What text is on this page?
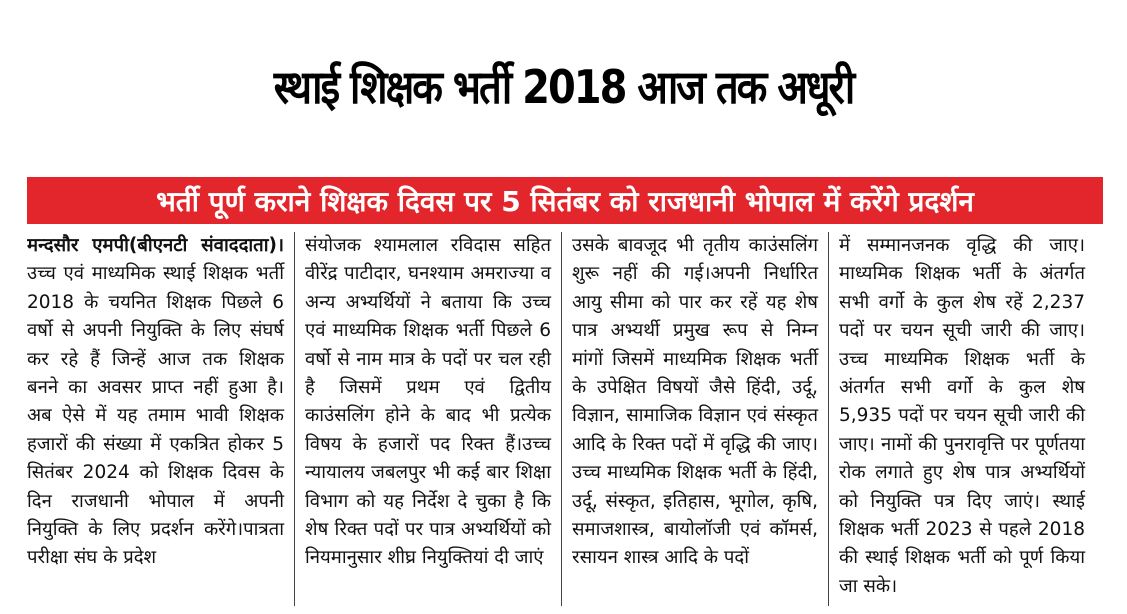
स्थाई शिक्षक भर्ती 2018 आज तक अधूरी
भर्ती पूर्ण कराने शिक्षक दिवस पर 5 सितंबर को राजधानी भोपाल में करेंगे प्रदर्शन

मन्दसौर एमपी(बीएनटी संवाददाता)। उच्च एवं माध्यमिक स्थाई शिक्षक भर्ती 2018 के चयनित शिक्षक पिछले 6 वर्षो से अपनी नियुक्ति के लिए संघर्ष कर रहे हैं जिन्हें आज तक शिक्षक बनने का अवसर प्राप्त नहीं हुआ है। अब ऐसे में यह तमाम भावी शिक्षक हजारों की संख्या में एकत्रित होकर 5 सितंबर 2024 को शिक्षक दिवस के दिन राजधानी भोपाल में अपनी नियुक्ति के लिए प्रदर्शन करेंगे।पात्रता परीक्षा संघ के प्रदेश

संयोजक श्यामलाल रविदास सहित वीरेंद्र पाटीदार, घनश्याम अमराज्या व अन्य अभ्यर्थियों ने बताया कि उच्च एवं माध्यमिक शिक्षक भर्ती पिछले 6 वर्षो से नाम मात्र के पदों पर चल रही है जिसमें प्रथम एवं द्वितीय काउंसलिंग होने के बाद भी प्रत्येक विषय के हजारों पद रिक्त हैं।उच्च न्यायालय जबलपुर भी कई बार शिक्षा विभाग को यह निर्देश दे चुका है कि शेष रिक्त पदों पर पात्र अभ्यर्थियों को नियमानुसार शीघ्र नियुक्तियां दी जाएं

उसके बावजूद भी तृतीय काउंसलिंग शुरू नहीं की गई।अपनी निर्धारित आयु सीमा को पार कर रहें यह शेष पात्र अभ्यर्थी प्रमुख रूप से निम्न मांगों जिसमें माध्यमिक शिक्षक भर्ती के उपेक्षित विषयों जैसे हिंदी, उर्दू, विज्ञान, सामाजिक विज्ञान एवं संस्कृत आदि के रिक्त पदों में वृद्धि की जाए। उच्च माध्यमिक शिक्षक भर्ती के हिंदी, उर्दू, संस्कृत, इतिहास, भूगोल, कृषि, समाजशास्त्र, बायोलॉजी एवं कॉमर्स, रसायन शास्त्र आदि के पदों

में सम्मानजनक वृद्धि की जाए। माध्यमिक शिक्षक भर्ती के अंतर्गत सभी वर्गो के कुल शेष रहें 2,237 पदों पर चयन सूची जारी की जाए। उच्च माध्यमिक शिक्षक भर्ती के अंतर्गत सभी वर्गो के कुल शेष 5,935 पदों पर चयन सूची जारी की जाए। नामों की पुनरावृत्ति पर पूर्णतया रोक लगाते हुए शेष पात्र अभ्यर्थियों को नियुक्ति पत्र दिए जाएं। स्थाई शिक्षक भर्ती 2023 से पहले 2018 की स्थाई शिक्षक भर्ती को पूर्ण किया जा सके।
